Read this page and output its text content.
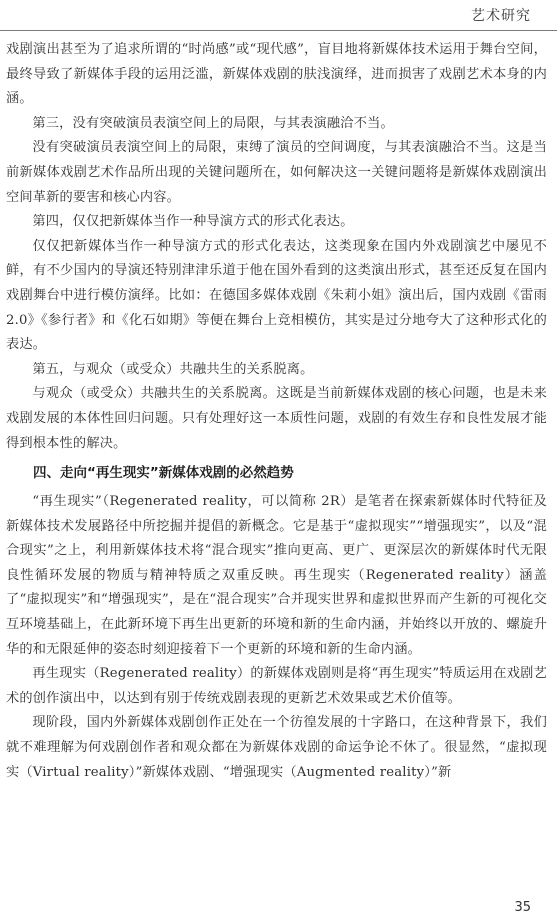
艺术研究

戏剧演出甚至为了追求所谓的“时尚感”或“现代感”，盲目地将新媒体技术运用于舞台空间，最终导致了新媒体手段的运用泛滥，新媒体戏剧的肤浅演绎，进而损害了戏剧艺术本身的内涵。

第三，没有突破演员表演空间上的局限，与其表演融洽不当。

没有突破演员表演空间上的局限，束缚了演员的空间调度，与其表演融洽不当。这是当前新媒体戏剧艺术作品所出现的关键问题所在，如何解决这一关键问题将是新媒体戏剧演出空间革新的要害和核心内容。

第四，仅仅把新媒体当作一种导演方式的形式化表达。

仅仅把新媒体当作一种导演方式的形式化表达，这类现象在国内外戏剧演艺中屡见不鲜，有不少国内的导演还特别津津乐道于他在国外看到的这类演出形式，甚至还反复在国内戏剧舞台中进行模仿演绎。比如：在德国多媒体戏剧《朱莉小姐》演出后，国内戏剧《雷雨 2.0》《参行者》和《化石如期》等便在舞台上竞相模仿，其实是过分地夸大了这种形式化的表达。

第五，与观众（或受众）共融共生的关系脱离。

与观众（或受众）共融共生的关系脱离。这既是当前新媒体戏剧的核心问题，也是未来戏剧发展的本体性回归问题。只有处理好这一本质性问题，戏剧的有效生存和良性发展才能得到根本性的解决。

四、走向“再生现实”新媒体戏剧的必然趋势

“再生现实”（Regenerated reality，可以简称 2R）是笔者在探索新媒体时代特征及新媒体技术发展路径中所挖掘并提倡的新概念。它是基于“虚拟现实”“增强现实”，以及“混合现实”之上，利用新媒体技术将“混合现实”推向更高、更广、更深层次的新媒体时代无限良性循环发展的物质与精神特质之双重反映。再生现实（Regenerated reality）涵盖了“虚拟现实”和“增强现实”，是在“混合现实”合并现实世界和虚拟世界而产生新的可视化交互环境基础上，在此新环境下再生出更新的环境和新的生命内涵，并始终以开放的、螺旋升华的和无限延伸的姿态时刻迎接着下一个更新的环境和新的生命内涵。

再生现实（Regenerated reality）的新媒体戏剧则是将“再生现实”特质运用在戏剧艺术的创作演出中，以达到有别于传统戏剧表现的更新艺术效果或艺术价值等。

现阶段，国内外新媒体戏剧创作正处在一个彷徨发展的十字路口，在这种背景下，我们就不难理解为何戏剧创作者和观众都在为新媒体戏剧的命运争论不休了。很显然，“虚拟现实（Virtual reality）”新媒体戏剧、“增强现实（Augmented reality）”新

35
